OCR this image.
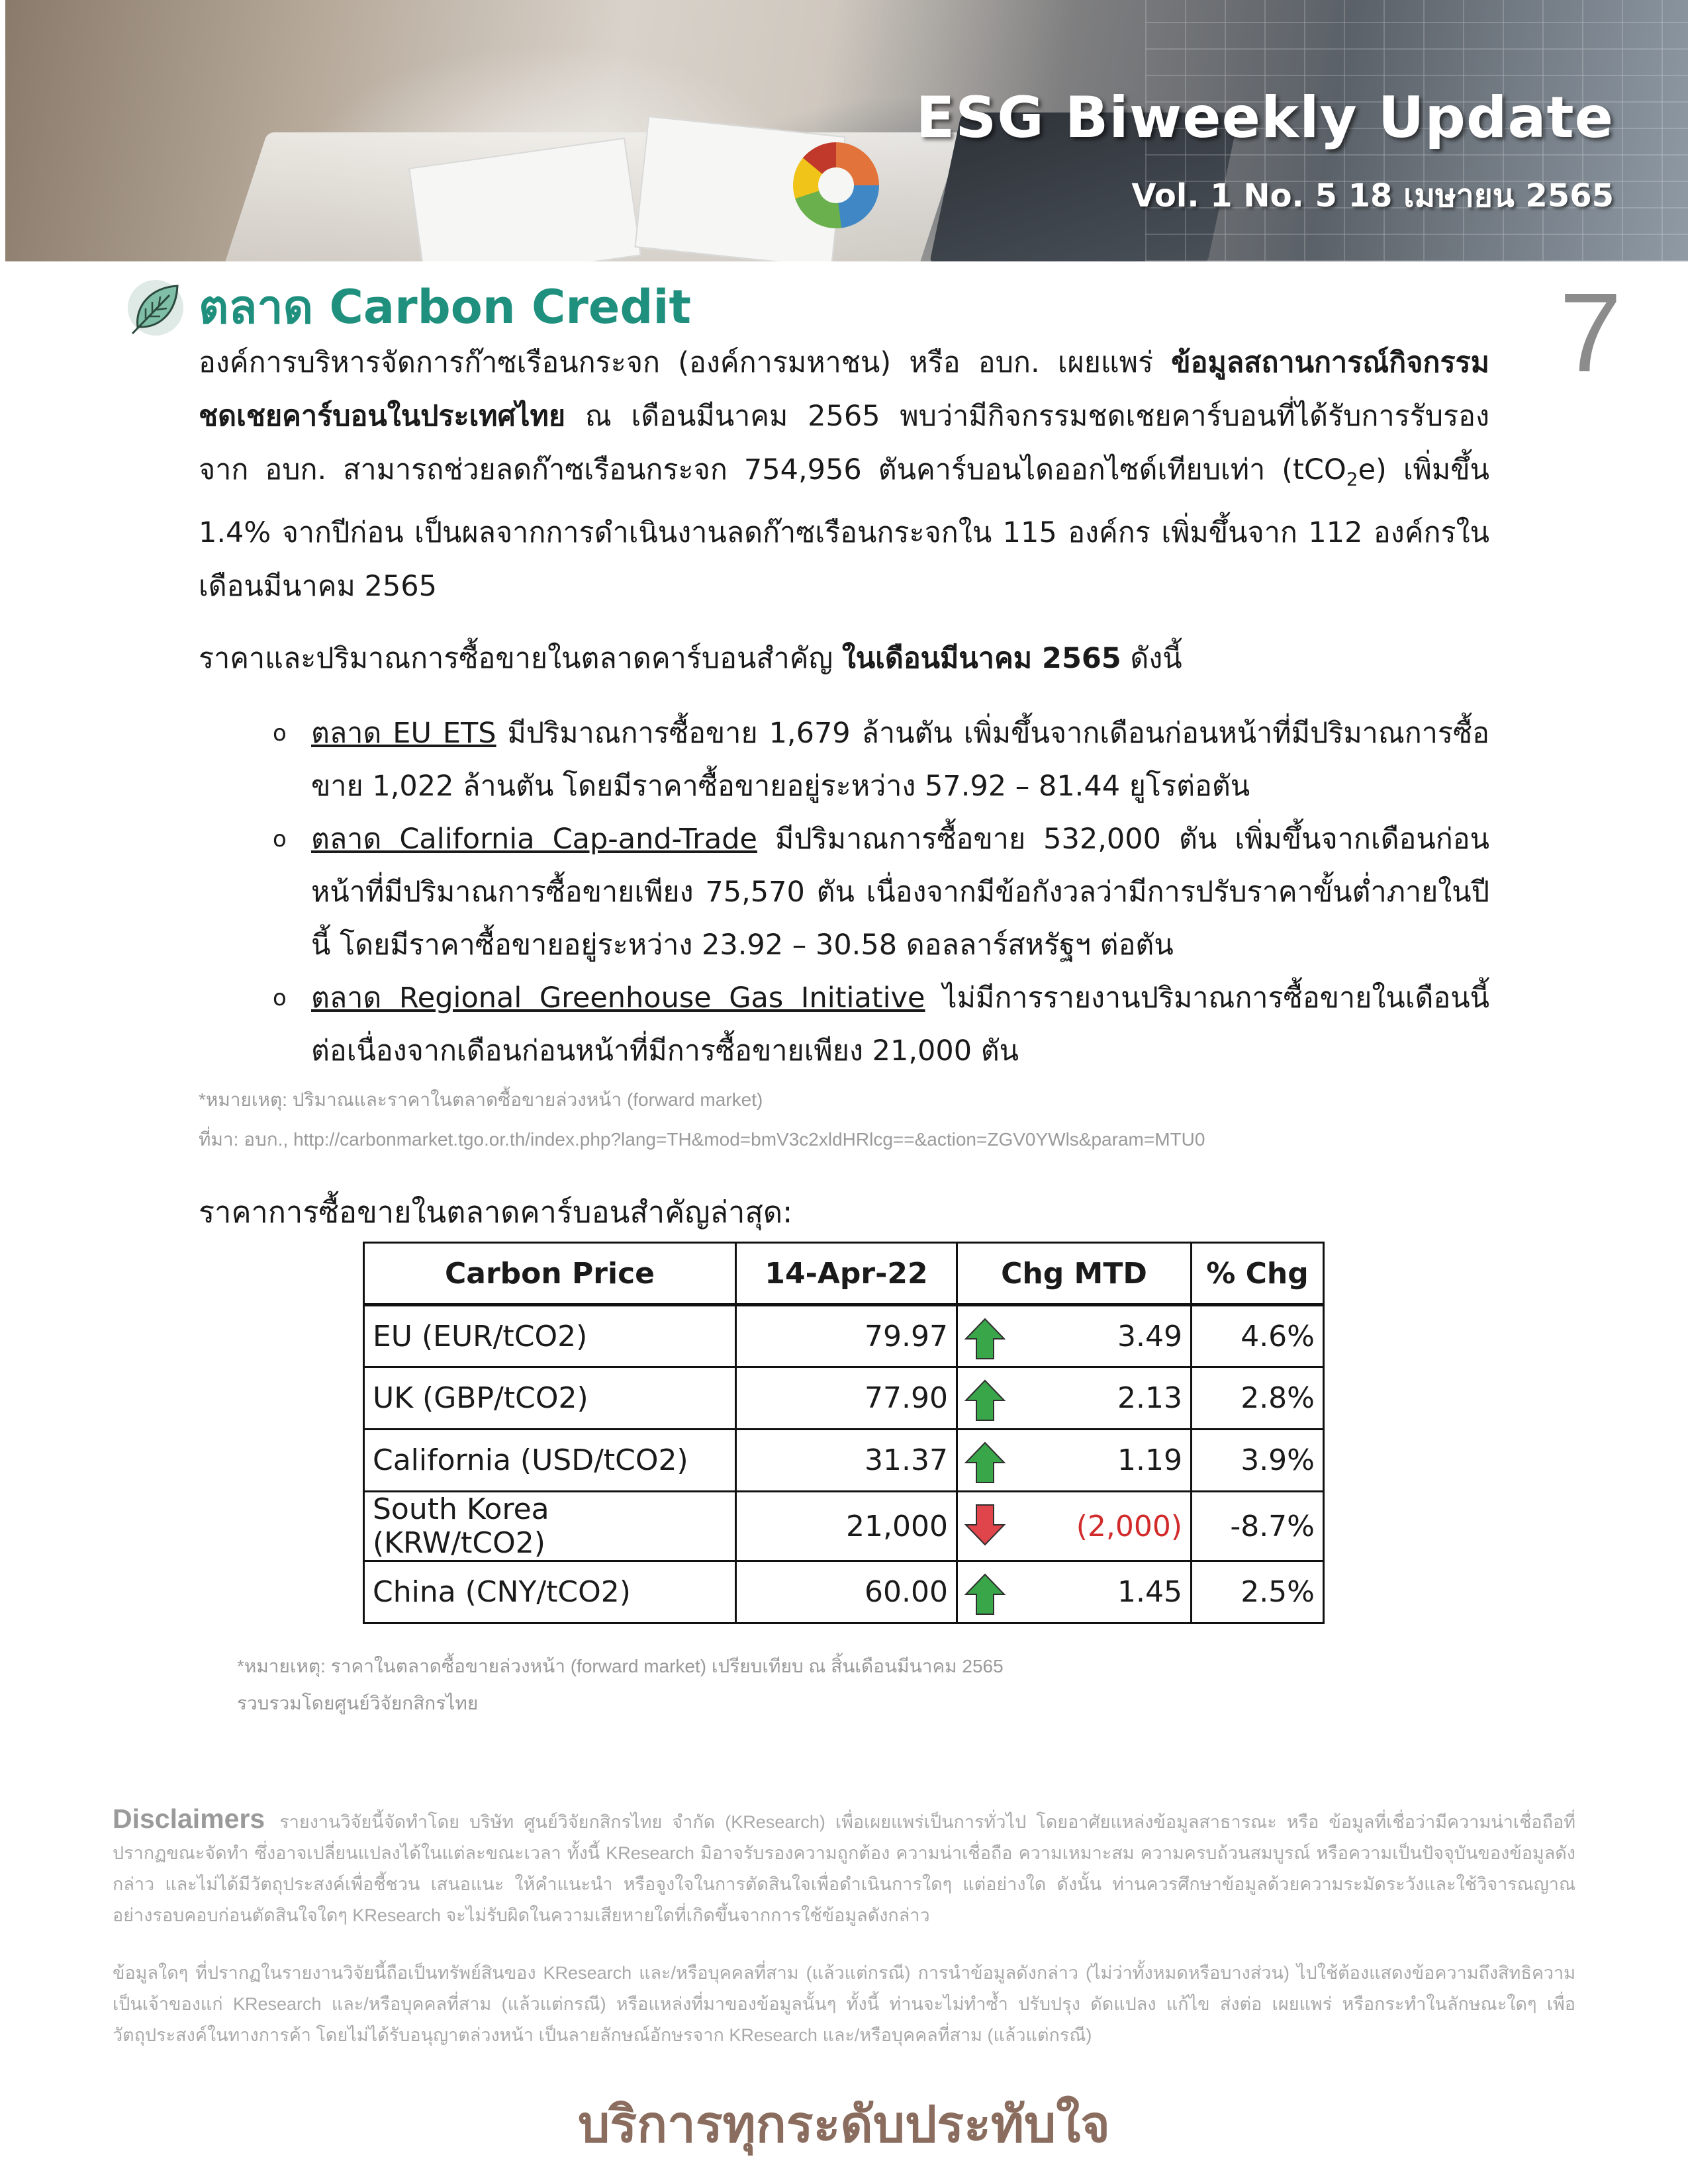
ESG Biweekly Update
Vol. 1 No. 5 18 เมษายน 2565
7
ตลาด Carbon Credit

องค์การบริหารจัดการก๊าซเรือนกระจก (องค์การมหาชน) หรือ อบก. เผยแพร่ ข้อมูลสถานการณ์กิจกรรมชดเชยคาร์บอนในประเทศไทย ณ เดือนมีนาคม 2565 พบว่ามีกิจกรรมชดเชยคาร์บอนที่ได้รับการรับรองจาก อบก. สามารถช่วยลดก๊าซเรือนกระจก 754,956 ตันคาร์บอนไดออกไซด์เทียบเท่า (tCO$_2$e) เพิ่มขึ้น 1.4% จากปีก่อน เป็นผลจากการดำเนินงานลดก๊าซเรือนกระจกใน 115 องค์กร เพิ่มขึ้นจาก 112 องค์กรในเดือนมีนาคม 2565

ราคาและปริมาณการซื้อขายในตลาดคาร์บอนสำคัญ ในเดือนมีนาคม 2565 ดังนี้

o ตลาด EU ETS มีปริมาณการซื้อขาย 1,679 ล้านตัน เพิ่มขึ้นจากเดือนก่อนหน้าที่มีปริมาณการซื้อขาย 1,022 ล้านตัน โดยมีราคาซื้อขายอยู่ระหว่าง 57.92 – 81.44 ยูโรต่อตัน
o ตลาด California Cap-and-Trade มีปริมาณการซื้อขาย 532,000 ตัน เพิ่มขึ้นจากเดือนก่อนหน้าที่มีปริมาณการซื้อขายเพียง 75,570 ตัน เนื่องจากมีข้อกังวลว่ามีการปรับราคาขั้นต่ำภายในปีนี้ โดยมีราคาซื้อขายอยู่ระหว่าง 23.92 – 30.58 ดอลลาร์สหรัฐฯ ต่อตัน
o ตลาด Regional Greenhouse Gas Initiative ไม่มีการรายงานปริมาณการซื้อขายในเดือนนี้ ต่อเนื่องจากเดือนก่อนหน้าที่มีการซื้อขายเพียง 21,000 ตัน
*หมายเหตุ: ปริมาณและราคาในตลาดซื้อขายล่วงหน้า (forward market)
ที่มา: อบก., http://carbonmarket.tgo.or.th/index.php?lang=TH&mod=bmV3c2xldHRlcg==&action=ZGV0YWls&param=MTU0
ราคาการซื้อขายในตลาดคาร์บอนสำคัญล่าสุด:
Carbon Price	14-Apr-22	Chg MTD	% Chg
EU (EUR/tCO2)	79.97	3.49	4.6%
UK (GBP/tCO2)	77.90	2.13	2.8%
California (USD/tCO2)	31.37	1.19	3.9%
South Korea (KRW/tCO2)	21,000	(2,000)	-8.7%
China (CNY/tCO2)	60.00	1.45	2.5%
*หมายเหตุ: ราคาในตลาดซื้อขายล่วงหน้า (forward market) เปรียบเทียบ ณ สิ้นเดือนมีนาคม 2565
รวบรวมโดยศูนย์วิจัยกสิกรไทย

Disclaimers รายงานวิจัยนี้จัดทำโดย บริษัท ศูนย์วิจัยกสิกรไทย จำกัด (KResearch) เพื่อเผยแพร่เป็นการทั่วไป โดยอาศัยแหล่งข้อมูลสาธารณะ หรือ ข้อมูลที่เชื่อว่ามีความน่าเชื่อถือที่ปรากฏขณะจัดทำ ซึ่งอาจเปลี่ยนแปลงได้ในแต่ละขณะเวลา ทั้งนี้ KResearch มิอาจรับรองความถูกต้อง ความน่าเชื่อถือ ความเหมาะสม ความครบถ้วนสมบูรณ์ หรือความเป็นปัจจุบันของข้อมูลดังกล่าว และไม่ได้มีวัตถุประสงค์เพื่อชี้ชวน เสนอแนะ ให้คำแนะนำ หรือจูงใจในการตัดสินใจเพื่อดำเนินการใดๆ แต่อย่างใด ดังนั้น ท่านควรศึกษาข้อมูลด้วยความระมัดระวังและใช้วิจารณญาณอย่างรอบคอบก่อนตัดสินใจใดๆ KResearch จะไม่รับผิดในความเสียหายใดที่เกิดขึ้นจากการใช้ข้อมูลดังกล่าว

ข้อมูลใดๆ ที่ปรากฏในรายงานวิจัยนี้ถือเป็นทรัพย์สินของ KResearch และ/หรือบุคคลที่สาม (แล้วแต่กรณี) การนำข้อมูลดังกล่าว (ไม่ว่าทั้งหมดหรือบางส่วน) ไปใช้ต้องแสดงข้อความถึงสิทธิความเป็นเจ้าของแก่ KResearch และ/หรือบุคคลที่สาม (แล้วแต่กรณี) หรือแหล่งที่มาของข้อมูลนั้นๆ ทั้งนี้ ท่านจะไม่ทำซ้ำ ปรับปรุง ดัดแปลง แก้ไข ส่งต่อ เผยแพร่ หรือกระทำในลักษณะใดๆ เพื่อวัตถุประสงค์ในทางการค้า โดยไม่ได้รับอนุญาตล่วงหน้า เป็นลายลักษณ์อักษรจาก KResearch และ/หรือบุคคลที่สาม (แล้วแต่กรณี)

บริการทุกระดับประทับใจ
